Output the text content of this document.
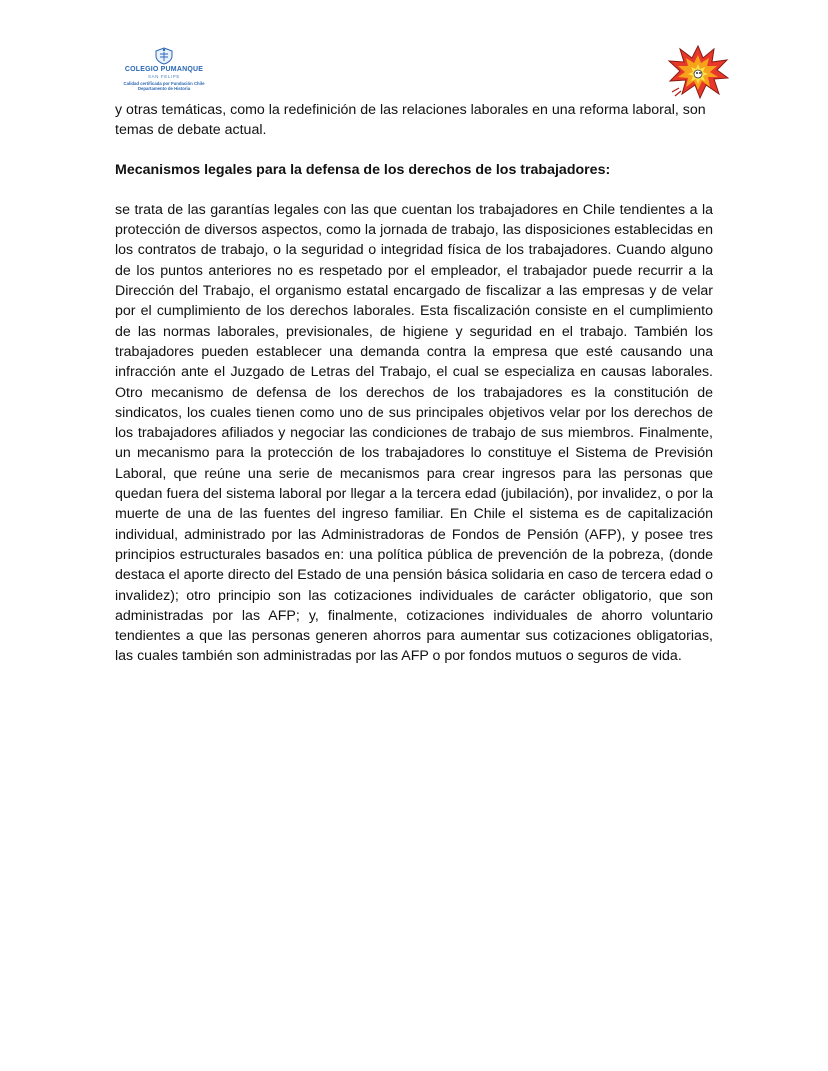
COLEGIO PUMANQUE
SAN FELIPE
Calidad certificada por Fundación Chile
Departamento de Historia

y otras temáticas, como la redefinición de las relaciones laborales en una reforma laboral, son temas de debate actual.

Mecanismos legales para la defensa de los derechos de los trabajadores:

se trata de las garantías legales con las que cuentan los trabajadores en Chile tendientes a la protección de diversos aspectos, como la jornada de trabajo, las disposiciones establecidas en los contratos de trabajo, o la seguridad o integridad física de los trabajadores. Cuando alguno de los puntos anteriores no es respetado por el empleador, el trabajador puede recurrir a la Dirección del Trabajo, el organismo estatal encargado de fiscalizar a las empresas y de velar por el cumplimiento de los derechos laborales. Esta fiscalización consiste en el cumplimiento de las normas laborales, previsionales, de higiene y seguridad en el trabajo. También los trabajadores pueden establecer una demanda contra la empresa que esté causando una infracción ante el Juzgado de Letras del Trabajo, el cual se especializa en causas laborales. Otro mecanismo de defensa de los derechos de los trabajadores es la constitución de sindicatos, los cuales tienen como uno de sus principales objetivos velar por los derechos de los trabajadores afiliados y negociar las condiciones de trabajo de sus miembros. Finalmente, un mecanismo para la protección de los trabajadores lo constituye el Sistema de Previsión Laboral, que reúne una serie de mecanismos para crear ingresos para las personas que quedan fuera del sistema laboral por llegar a la tercera edad (jubilación), por invalidez, o por la muerte de una de las fuentes del ingreso familiar. En Chile el sistema es de capitalización individual, administrado por las Administradoras de Fondos de Pensión (AFP), y posee tres principios estructurales basados en: una política pública de prevención de la pobreza, (donde destaca el aporte directo del Estado de una pensión básica solidaria en caso de tercera edad o invalidez); otro principio son las cotizaciones individuales de carácter obligatorio, que son administradas por las AFP; y, finalmente, cotizaciones individuales de ahorro voluntario tendientes a que las personas generen ahorros para aumentar sus cotizaciones obligatorias, las cuales también son administradas por las AFP o por fondos mutuos o seguros de vida.
